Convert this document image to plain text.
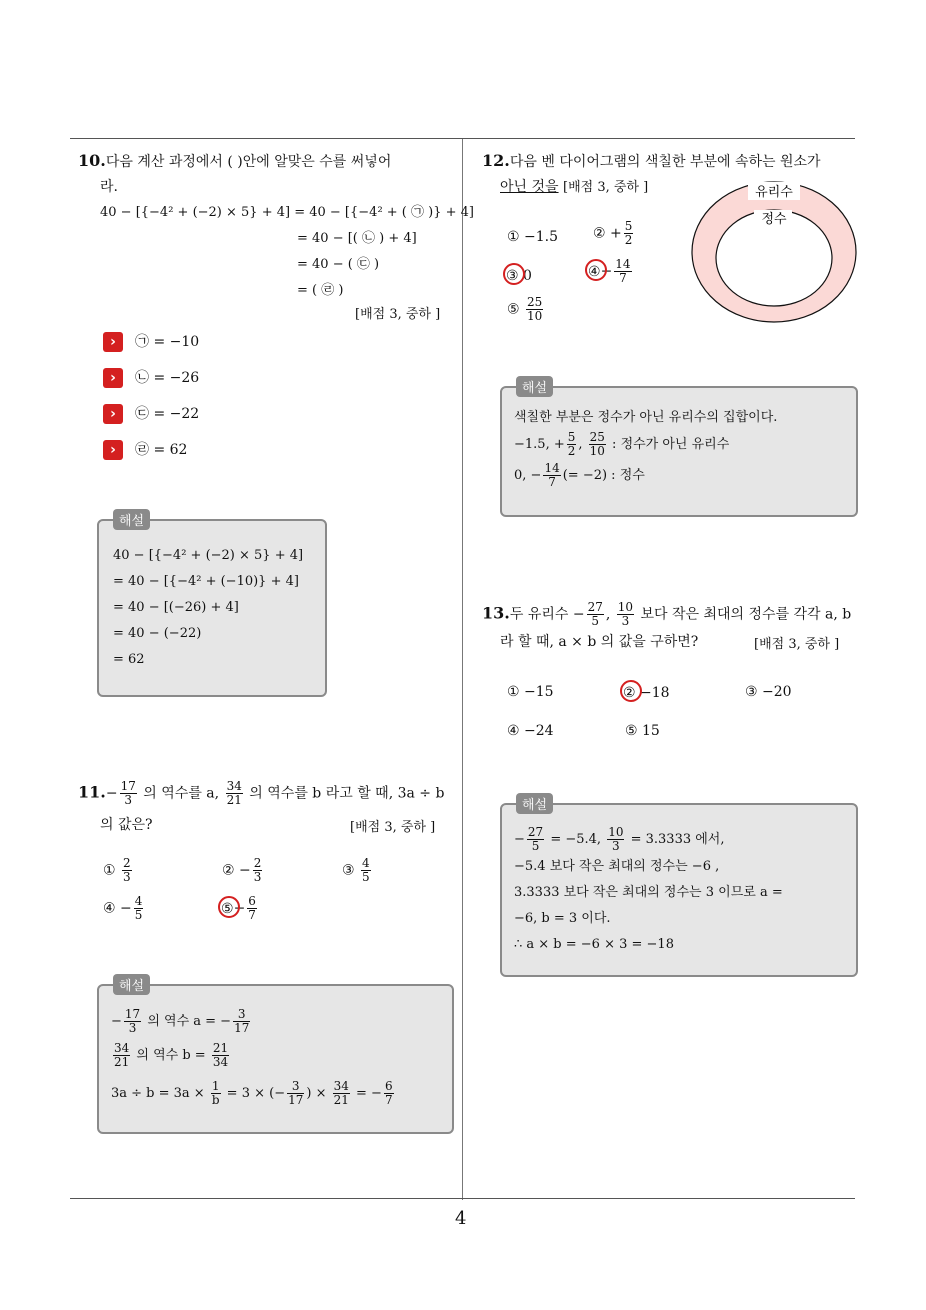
4
10.다음 계산 과정에서 ( )안에 알맞은 수를 써넣어
라.
40 − [{−4² + (−2) × 5} + 4] = 40 − [{−4² + ( ㉠ )} + 4]
= 40 − [( ㉡ ) + 4]
= 40 − ( ㉢ )
= ( ㉣ )
[배점 3, 중하 ]
› ㉠ = −10
› ㉡ = −26
› ㉢ = −22
› ㉣ = 62
해설
40 − [{−4² + (−2) × 5} + 4]
= 40 − [{−4² + (−10)} + 4]
= 40 − [(−26) + 4]
= 40 − (−22)
= 62
$11.- \frac{17}{3}$ 의 역수를 a, $\frac{34}{21}$ 의 역수를 b 라고 할 때, 3a ÷ b
의 값은?	[배점 3, 중하 ]
① $\frac{2}{3}$	② − $\frac{2}{3}$	③ $\frac{4}{5}$
④ − $\frac{4}{5}$	⑤− $\frac{6}{7}$
해설
− $\frac{17}{3}$ 의 역수 a = − $\frac{3}{17}$
$\frac{34}{21}$ 의 역수 $b = \frac{21}{34}$
$3a \div b = 3a \times \frac{1}{b} = 3$ × (− $\frac{3}{17}$ ) × $\frac{34}{21}$ = − $\frac{6}{7}$
12.다음 벤 다이어그램의 색칠한 부분에 속하는 원소가
아닌 것을 [배점 3, 중하 ]
① −1.5	② + $\frac{5}{2}$
③ 0	④− $\frac{14}{7}$
⑤ $\frac{25}{10}$
유리수
정수
해설
색칠한 부분은 정수가 아닌 유리수의 집합이다.
−1.5, + $\frac{5}{2}$ , $\frac{25}{10}$ : 정수가 아닌 유리수
0, − $\frac{14}{7}$ (= −2) : 정수
13.두 유리수 − $\frac{27}{5}$ , $\frac{10}{3}$ 보다 작은 최대의 정수를 각각 a, b
라 할 때, a × b 의 값을 구하면?	[배점 3, 중하 ]
① −15	② −18	③ −20
④ −24	⑤ 15
해설
− $\frac{27}{5} = -5.4$, $\frac{10}{3} = 3.3333$ 에서,
−5.4 보다 작은 최대의 정수는 −6 ,
3.3333 보다 작은 최대의 정수는 3 이므로 a =
−6, b = 3 이다.
∴ a × b = −6 × 3 = −18
